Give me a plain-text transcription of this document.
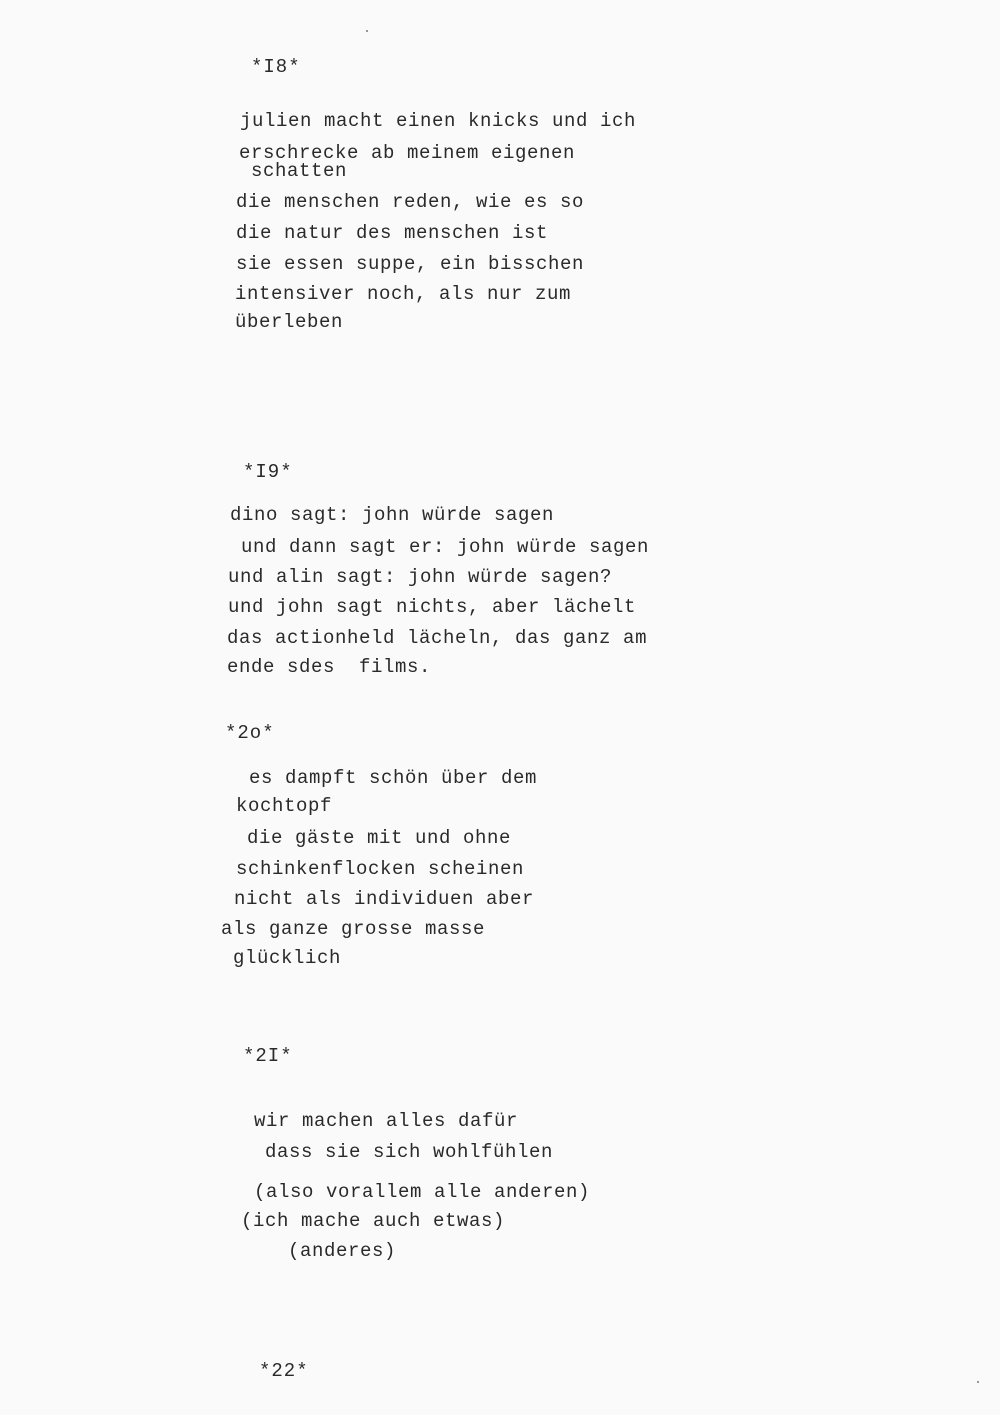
*I8*
julien macht einen knicks und ich
erschrecke ab meinem eigenen
schatten
die menschen reden, wie es so
die natur des menschen ist
sie essen suppe, ein bisschen
intensiver noch, als nur zum
überleben
*I9*
dino sagt: john würde sagen
und dann sagt er: john würde sagen
und alin sagt: john würde sagen?
und john sagt nichts, aber lächelt
das actionheld lächeln, das ganz am
ende sdes  films.
*2o*
es dampft schön über dem
kochtopf
die gäste mit und ohne
schinkenflocken scheinen
nicht als individuen aber
als ganze grosse masse
glücklich
*2I*
wir machen alles dafür
dass sie sich wohlfühlen
(also vorallem alle anderen)
(ich mache auch etwas)
(anderes)
*22*
